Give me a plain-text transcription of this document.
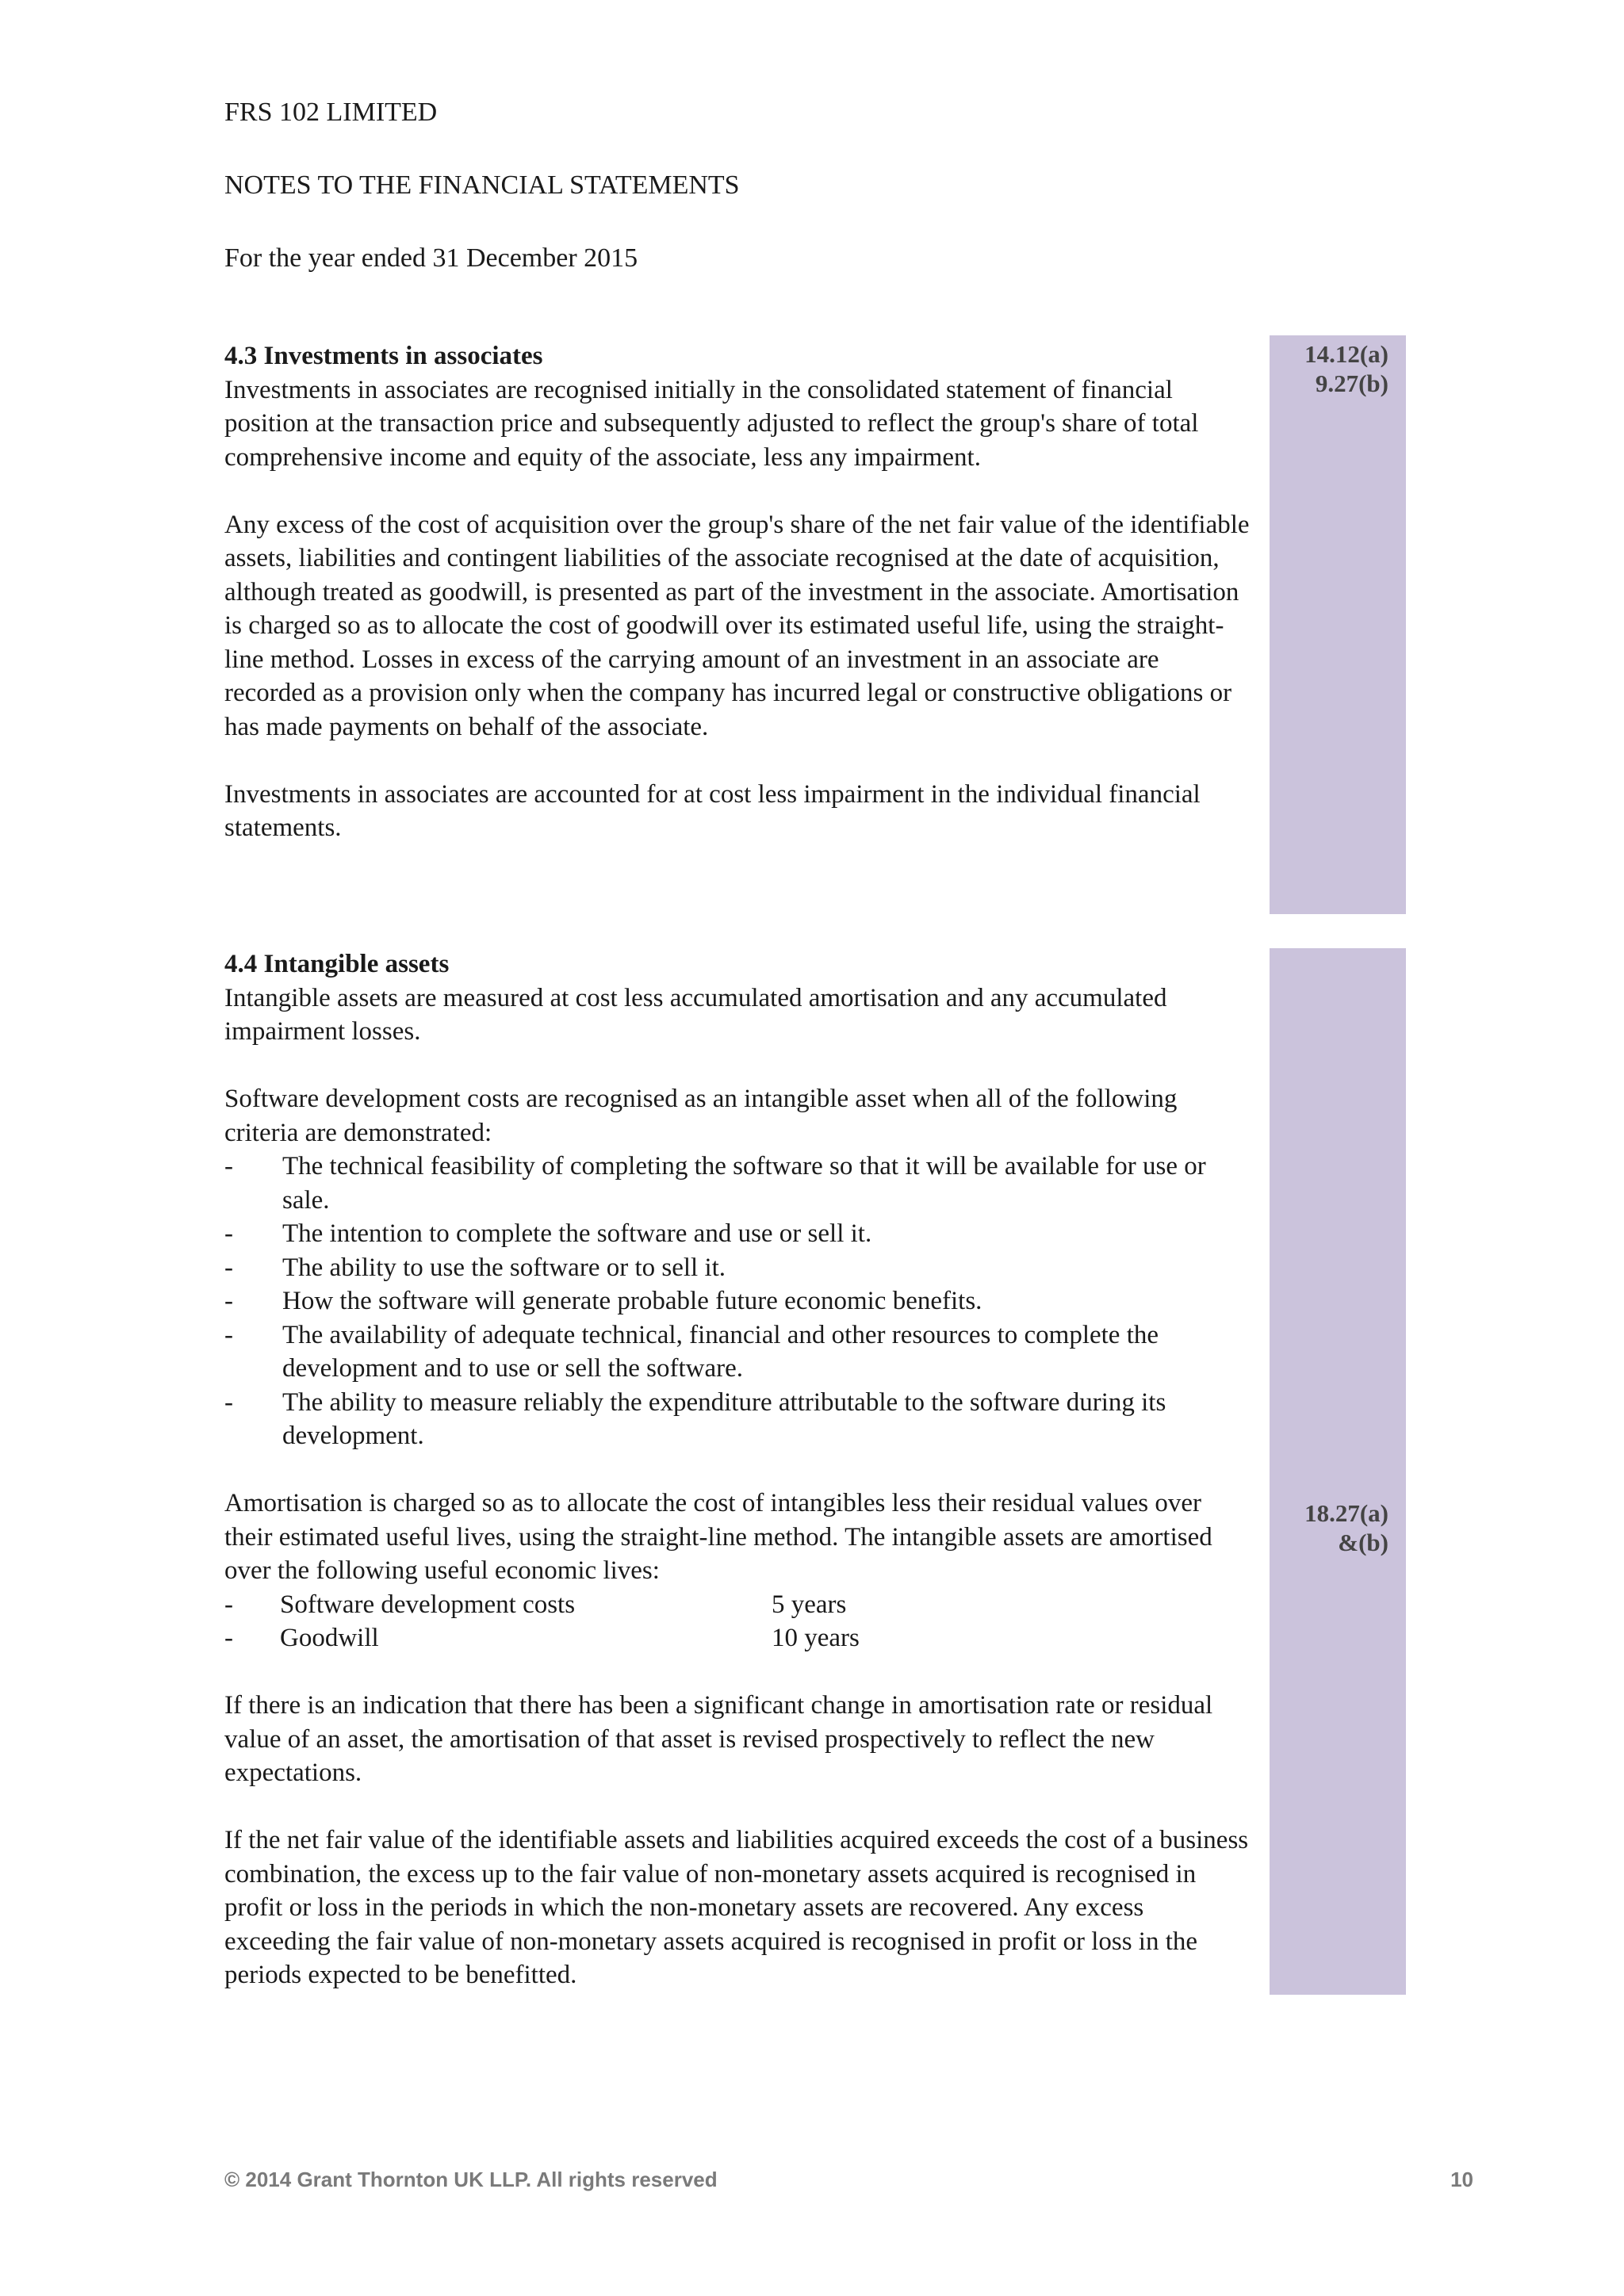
FRS 102 LIMITED
NOTES TO THE FINANCIAL STATEMENTS
For the year ended 31 December 2015
14.12(a)
9.27(b)
18.27(a)
&(b)
4.3 Investments in associates

Investments in associates are recognised initially in the consolidated statement of financial position at the transaction price and subsequently adjusted to reflect the group's share of total comprehensive income and equity of the associate, less any impairment.

Any excess of the cost of acquisition over the group's share of the net fair value of the identifiable assets, liabilities and contingent liabilities of the associate recognised at the date of acquisition, although treated as goodwill, is presented as part of the investment in the associate. Amortisation is charged so as to allocate the cost of goodwill over its estimated useful life, using the straight-line method. Losses in excess of the carrying amount of an investment in an associate are recorded as a provision only when the company has incurred legal or constructive obligations or has made payments on behalf of the associate.

Investments in associates are accounted for at cost less impairment in the individual financial statements.

4.4 Intangible assets

Intangible assets are measured at cost less accumulated amortisation and any accumulated impairment losses.

Software development costs are recognised as an intangible asset when all of the following criteria are demonstrated:

- The technical feasibility of completing the software so that it will be available for use or sale.
- The intention to complete the software and use or sell it.
- The ability to use the software or to sell it.
- How the software will generate probable future economic benefits.
- The availability of adequate technical, financial and other resources to complete the development and to use or sell the software.
- The ability to measure reliably the expenditure attributable to the software during its development.

Amortisation is charged so as to allocate the cost of intangibles less their residual values over their estimated useful lives, using the straight-line method. The intangible assets are amortised over the following useful economic lives:

- Software development costs	5 years
- Goodwill	10 years

If there is an indication that there has been a significant change in amortisation rate or residual value of an asset, the amortisation of that asset is revised prospectively to reflect the new expectations.

If the net fair value of the identifiable assets and liabilities acquired exceeds the cost of a business combination, the excess up to the fair value of non-monetary assets acquired is recognised in profit or loss in the periods in which the non-monetary assets are recovered. Any excess exceeding the fair value of non-monetary assets acquired is recognised in profit or loss in the periods expected to be benefitted.

© 2014 Grant Thornton UK LLP. All rights reserved	10
